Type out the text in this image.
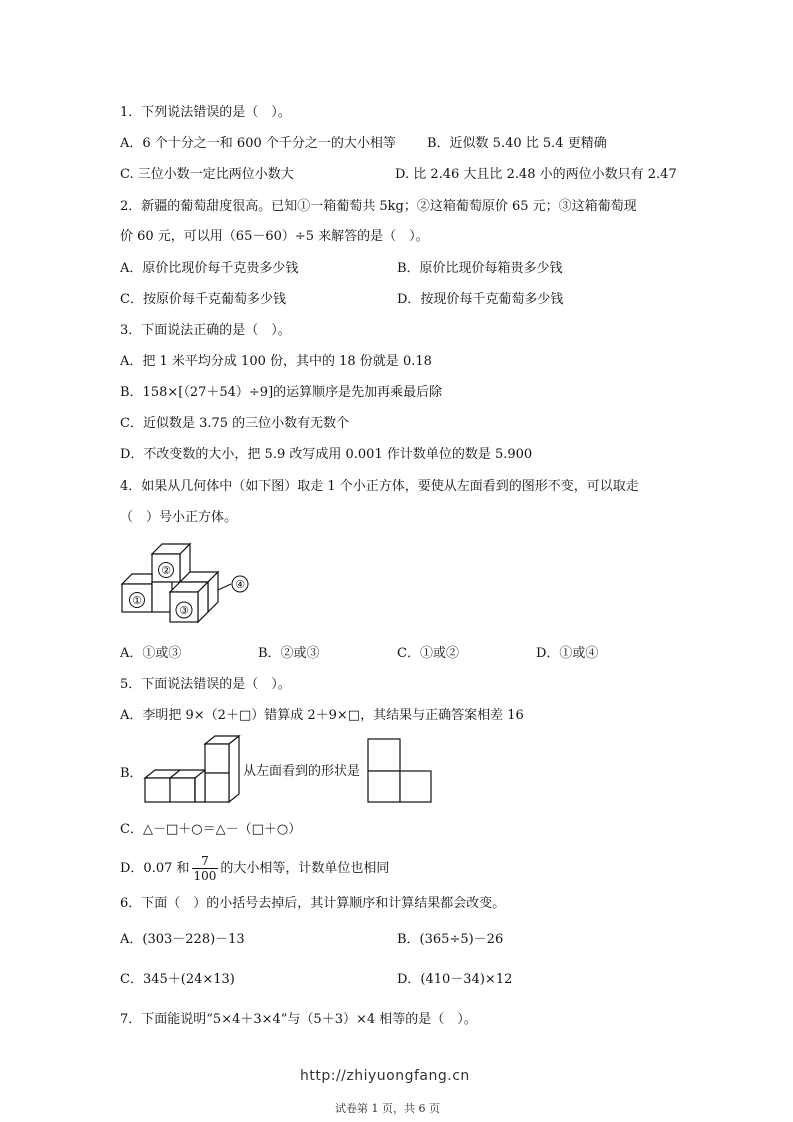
1．下列说法错误的是（　）。
A．6 个十分之一和 600 个千分之一的大小相等 B．近似数 5.40 比 5.4 更精确
C. 三位小数一定比两位小数大	D. 比 2.46 大且比 2.48 小的两位小数只有 2.47
2．新疆的葡萄甜度很高。已知①一箱葡萄共 5kg；②这箱葡萄原价 65 元；③这箱葡萄现
价 60 元，可以用（65－60）÷5 来解答的是（　）。
A．原价比现价每千克贵多少钱	B．原价比现价每箱贵多少钱
C．按原价每千克葡萄多少钱	D．按现价每千克葡萄多少钱
3．下面说法正确的是（　）。
A．把 1 米平均分成 100 份，其中的 18 份就是 0.18
B．158×[（27＋54）÷9]的运算顺序是先加再乘最后除
C．近似数是 3.75 的三位小数有无数个
D．不改变数的大小，把 5.9 改写成用 0.001 作计数单位的数是 5.900
4．如果从几何体中（如下图）取走 1 个小正方体，要使从左面看到的图形不变，可以取走
（　）号小正方体。
②
①
③
④
A．①或③	B．②或③	C．①或②	D．①或④
5．下面说法错误的是（　）。
A．李明把 9×（2＋□）错算成 2＋9×□，其结果与正确答案相差 16
B．	从左面看到的形状是
C．△－□＋○＝△－（□＋○）
D．0.07 和 $\frac{7}{100}$ 的大小相等，计数单位也相同
6．下面（　）的小括号去掉后，其计算顺序和计算结果都会改变。
A．(303－228)－13	B．(365÷5)－26
C．345＋(24×13)	D．(410－34)×12
7．下面能说明“5×4＋3×4”与（5＋3）×4 相等的是（　）。
http://zhiyuongfang.cn
试卷第 1 页，共 6 页
